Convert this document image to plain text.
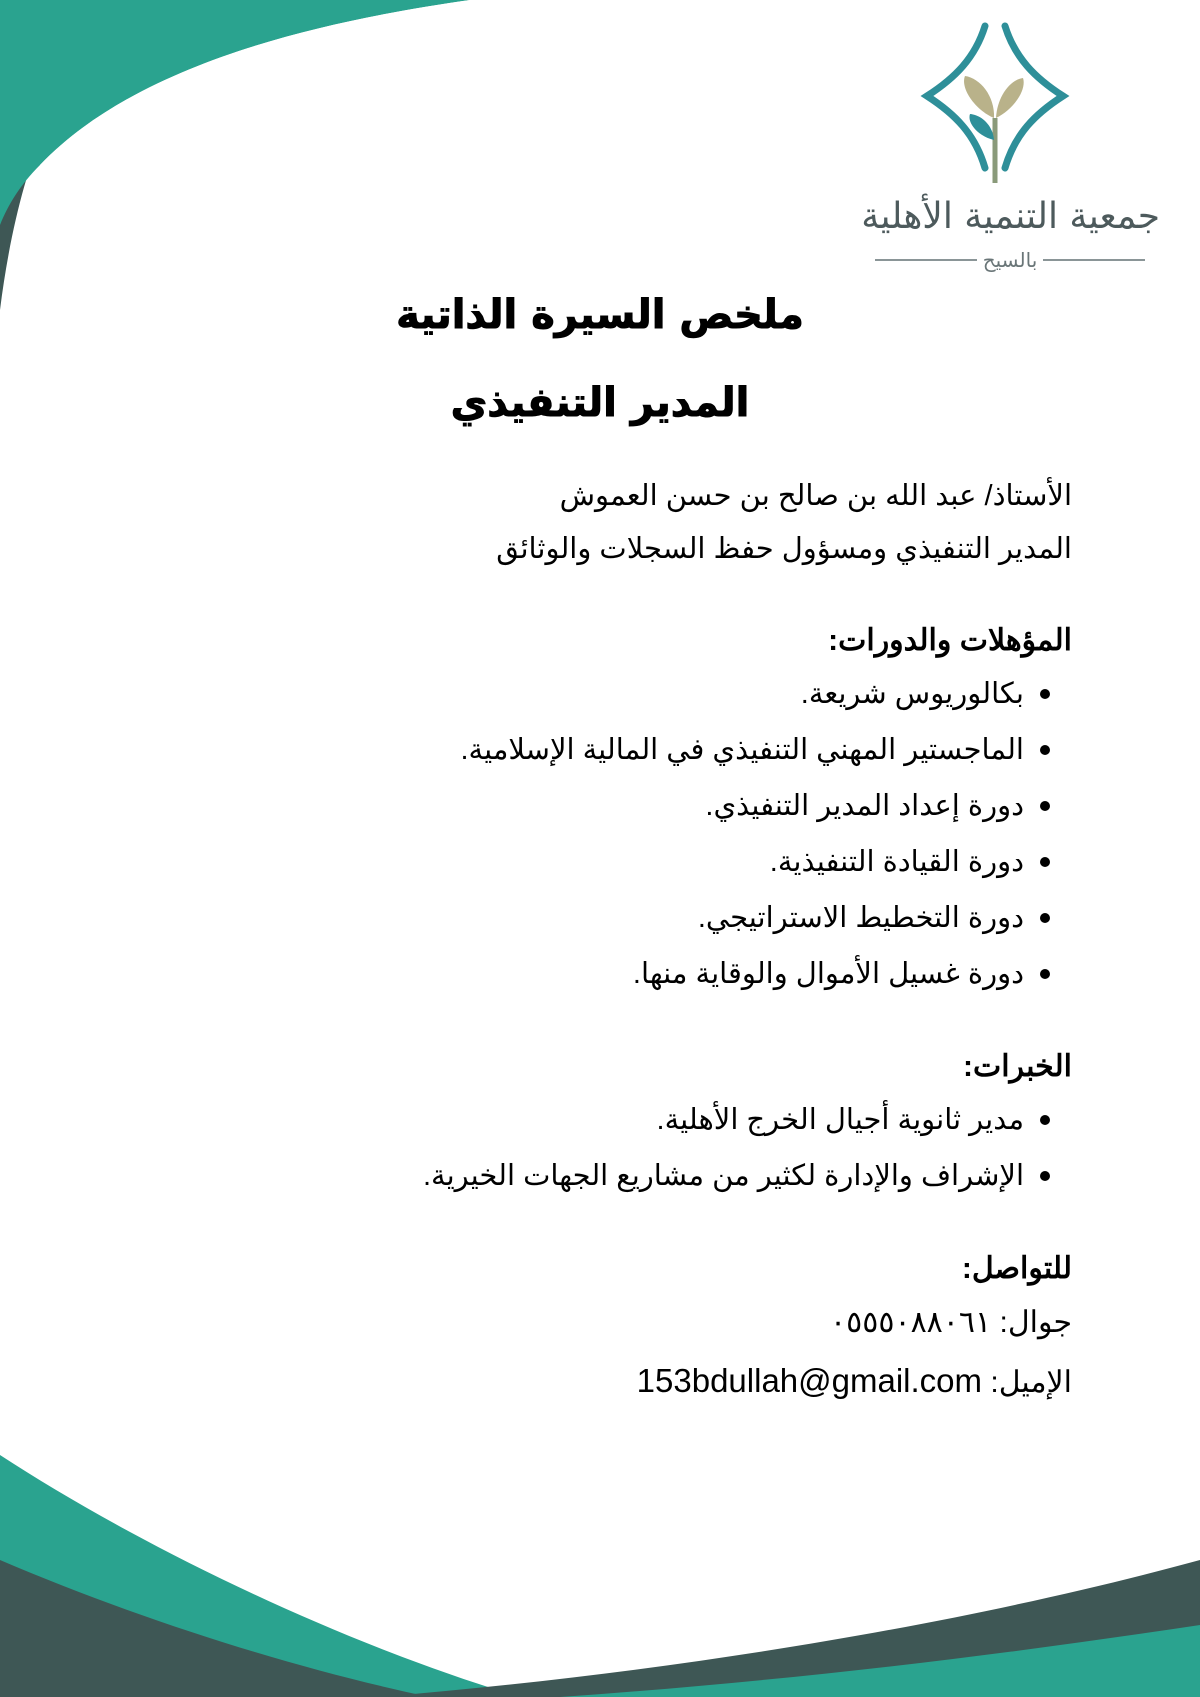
جمعية التنمية الأهلية
بالسيح
ملخص السيرة الذاتية
المدير التنفيذي
الأستاذ/ عبد الله بن صالح بن حسن العموش
المدير التنفيذي ومسؤول حفظ السجلات والوثائق
المؤهلات والدورات:
بكالوريوس شريعة.
الماجستير المهني التنفيذي في المالية الإسلامية.
دورة إعداد المدير التنفيذي.
دورة القيادة التنفيذية.
دورة التخطيط الاستراتيجي.
دورة غسيل الأموال والوقاية منها.
الخبرات:
مدير ثانوية أجيال الخرج الأهلية.
الإشراف والإدارة لكثير من مشاريع الجهات الخيرية.
للتواصل:
جوال: ٠٥٥٥٠٨٨٠٦١
الإميل: 153bdullah@gmail.com
